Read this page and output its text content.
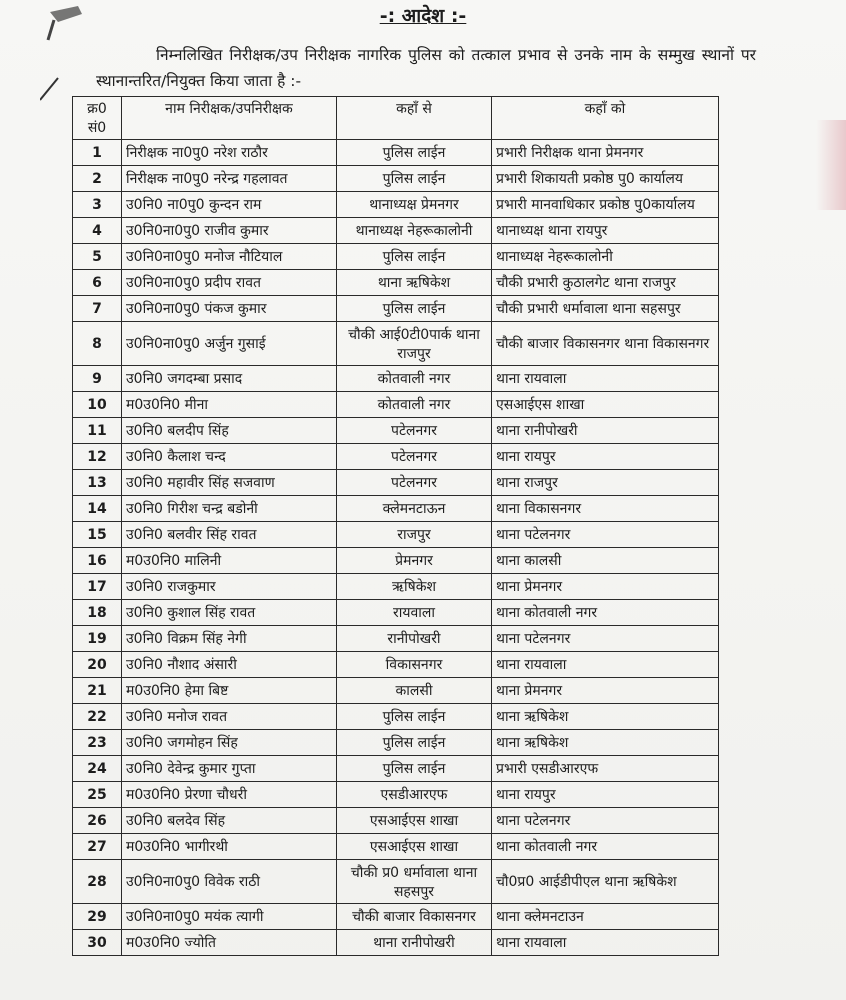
-: आदेश :-
निम्नलिखित निरीक्षक/उप निरीक्षक नागरिक पुलिस को तत्काल प्रभाव से उनके नाम के सम्मुख स्थानों पर स्थानान्तरित/नियुक्त किया जाता है :-
क्र0 सं0	नाम निरीक्षक/उपनिरीक्षक	कहाँ से	कहाँ को
1	निरीक्षक ना0पु0 नरेश राठौर	पुलिस लाईन	प्रभारी निरीक्षक थाना प्रेमनगर
2	निरीक्षक ना0पु0 नरेन्द्र गहलावत	पुलिस लाईन	प्रभारी शिकायती प्रकोष्ठ पु0 कार्यालय
3	उ0नि0 ना0पु0 कुन्दन राम	थानाध्यक्ष प्रेमनगर	प्रभारी मानवाधिकार प्रकोष्ठ पु0कार्यालय
4	उ0नि0ना0पु0 राजीव कुमार	थानाध्यक्ष नेहरूकालोनी	थानाध्यक्ष थाना रायपुर
5	उ0नि0ना0पु0 मनोज नौटियाल	पुलिस लाईन	थानाध्यक्ष नेहरूकालोनी
6	उ0नि0ना0पु0 प्रदीप रावत	थाना ऋषिकेश	चौकी प्रभारी कुठालगेट थाना राजपुर
7	उ0नि0ना0पु0 पंकज कुमार	पुलिस लाईन	चौकी प्रभारी धर्मावाला थाना सहसपुर
8	उ0नि0ना0पु0 अर्जुन गुसाई	चौकी आई0टी0पार्क थाना राजपुर	चौकी बाजार विकासनगर थाना विकासनगर
9	उ0नि0 जगदम्बा प्रसाद	कोतवाली नगर	थाना रायवाला
10	म0उ0नि0 मीना	कोतवाली नगर	एसआईएस शाखा
11	उ0नि0 बलदीप सिंह	पटेलनगर	थाना रानीपोखरी
12	उ0नि0 कैलाश चन्द	पटेलनगर	थाना रायपुर
13	उ0नि0 महावीर सिंह सजवाण	पटेलनगर	थाना राजपुर
14	उ0नि0 गिरीश चन्द्र बडोनी	क्लेमनटाऊन	थाना विकासनगर
15	उ0नि0 बलवीर सिंह रावत	राजपुर	थाना पटेलनगर
16	म0उ0नि0 मालिनी	प्रेमनगर	थाना कालसी
17	उ0नि0 राजकुमार	ऋषिकेश	थाना प्रेमनगर
18	उ0नि0 कुशाल सिंह रावत	रायवाला	थाना कोतवाली नगर
19	उ0नि0 विक्रम सिंह नेगी	रानीपोखरी	थाना पटेलनगर
20	उ0नि0 नौशाद अंसारी	विकासनगर	थाना रायवाला
21	म0उ0नि0 हेमा बिष्ट	कालसी	थाना प्रेमनगर
22	उ0नि0 मनोज रावत	पुलिस लाईन	थाना ऋषिकेश
23	उ0नि0 जगमोहन सिंह	पुलिस लाईन	थाना ऋषिकेश
24	उ0नि0 देवेन्द्र कुमार गुप्ता	पुलिस लाईन	प्रभारी एसडीआरएफ
25	म0उ0नि0 प्रेरणा चौधरी	एसडीआरएफ	थाना रायपुर
26	उ0नि0 बलदेव सिंह	एसआईएस शाखा	थाना पटेलनगर
27	म0उ0नि0 भागीरथी	एसआईएस शाखा	थाना कोतवाली नगर
28	उ0नि0ना0पु0 विवेक राठी	चौकी प्र0 धर्मावाला थाना सहसपुर	चौ0प्र0 आईडीपीएल थाना ऋषिकेश
29	उ0नि0ना0पु0 मयंक त्यागी	चौकी बाजार विकासनगर	थाना क्लेमनटाउन
30	म0उ0नि0 ज्योति	थाना रानीपोखरी	थाना रायवाला
